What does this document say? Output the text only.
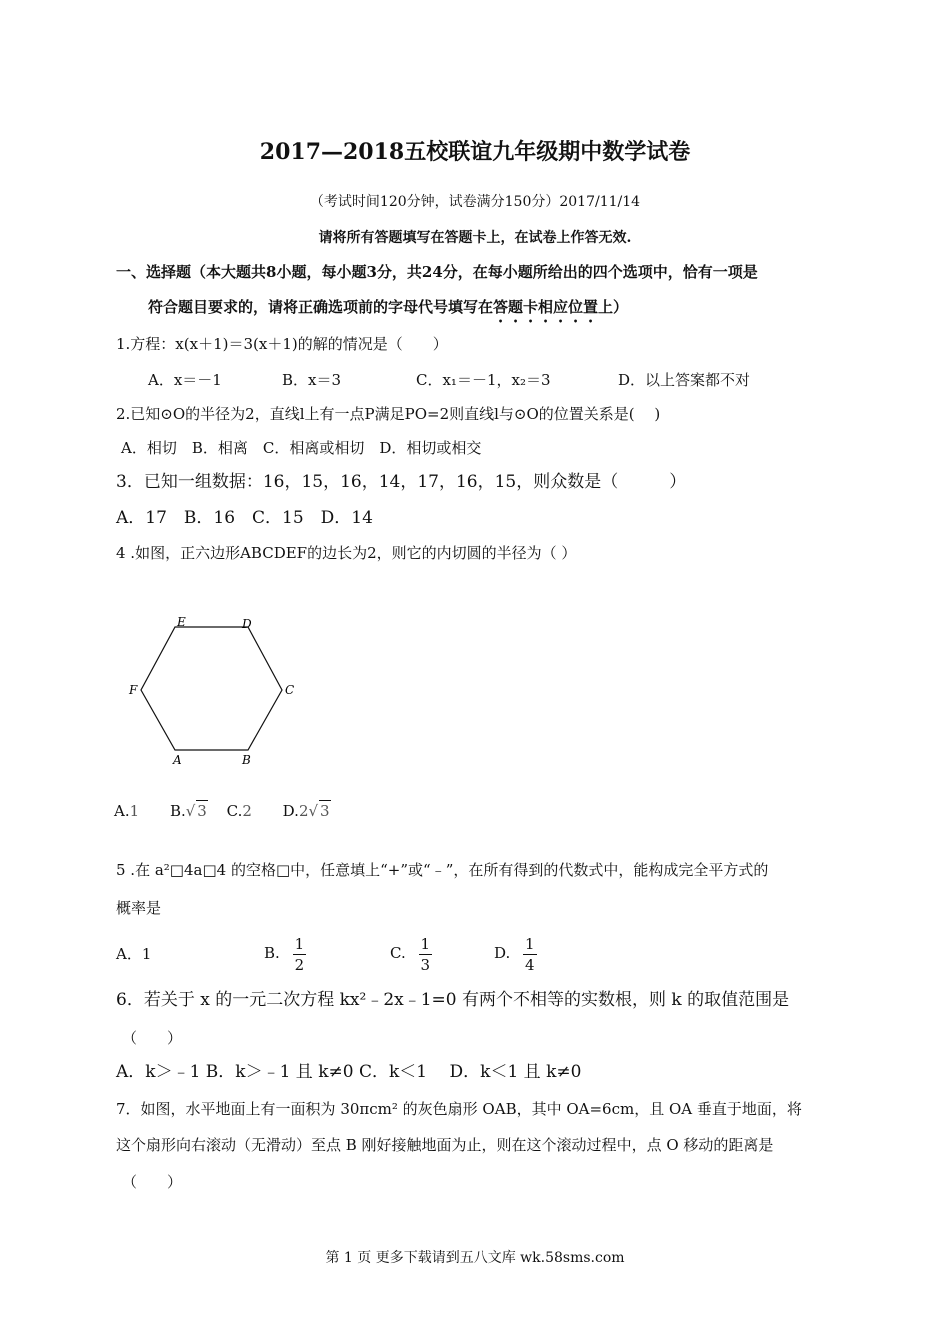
2017—2018五校联谊九年级期中数学试卷
（考试时间120分钟，试卷满分150分）2017/11/14
请将所有答题填写在答题卡上，在试卷上作答无效.
一、选择题（本大题共8小题，每小题3分，共24分，在每小题所给出的四个选项中，恰有一项是
符合题目要求的，请将正确选项前的字母代号填写在答题卡相应位置上）
1.方程：x(x＋1)＝3(x＋1)的解的情况是（　　）
A．x＝－1	B．x＝3	C．x₁＝－1，x₂＝3	D．以上答案都不对
2.已知⊙O的半径为2，直线l上有一点P满足PO=2则直线l与⊙O的位置关系是(　 )
A．相切　B．相离　C．相离或相切　D．相切或相交
3．已知一组数据：16，15，16，14，17，16，15，则众数是（　　　）
A．17　B．16　C．15　D．14
4 .如图，正六边形ABCDEF的边长为2，则它的内切圆的半径为（ ）
E	D
C
B
A
F
A.1 B.√ 3 C.2 D.2√ 3
5 .在 a²□4a□4 的空格□中，任意填上“+”或“﹣”，在所有得到的代数式中，能构成完全平方式的
概率是
A．1	B. $\frac{1}{2}$	C. $\frac{1}{3}$	D. $\frac{1}{4}$
6．若关于 x 的一元二次方程 kx²﹣2x﹣1=0 有两个不相等的实数根，则 k 的取值范围是
（　　）
A．k＞﹣1 B．k＞﹣1 且 k≠0 C．k＜1　 D．k＜1 且 k≠0
7．如图，水平地面上有一面积为 30πcm² 的灰色扇形 OAB，其中 OA=6cm，且 OA 垂直于地面，将
这个扇形向右滚动（无滑动）至点 B 刚好接触地面为止，则在这个滚动过程中，点 O 移动的距离是
（　　）
第 1 页 更多下载请到五八文库 wk.58sms.com
